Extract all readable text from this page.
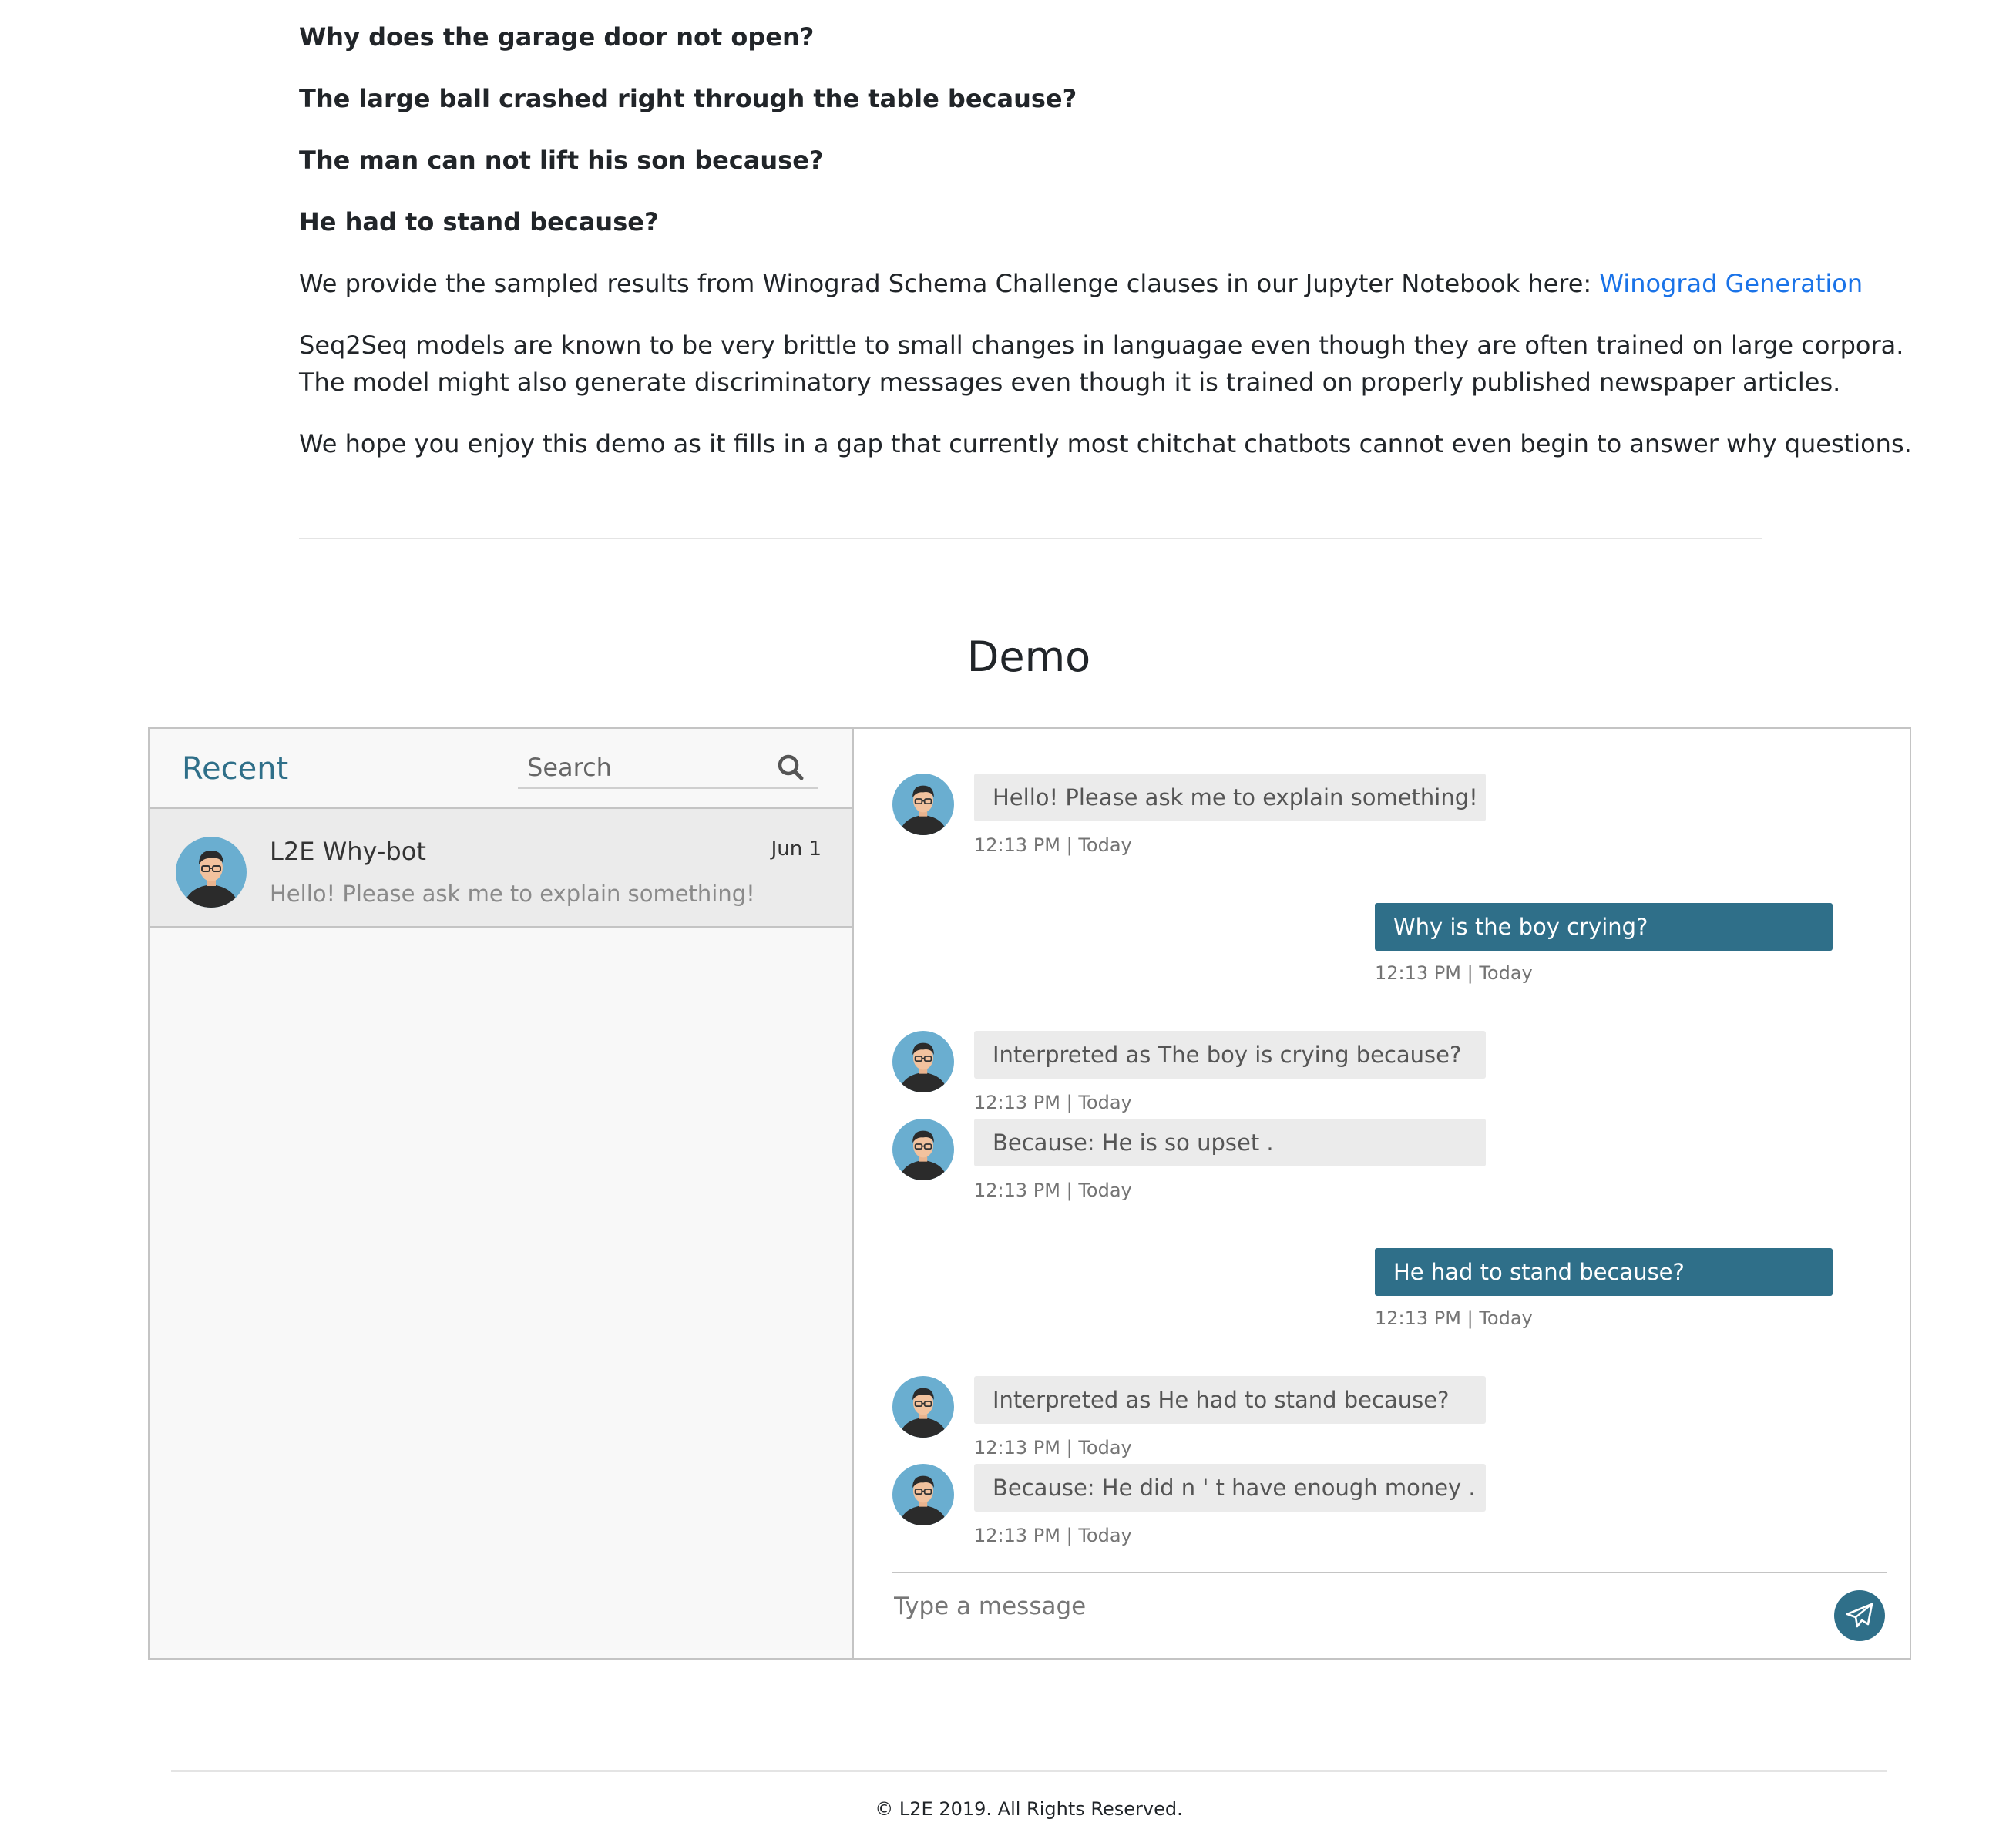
Why does the garage door not open?
The large ball crashed right through the table because?
The man can not lift his son because?
He had to stand because?
We provide the sampled results from Winograd Schema Challenge clauses in our Jupyter Notebook here: Winograd Generation
Seq2Seq models are known to be very brittle to small changes in languagae even though they are often trained on large corpora.
The model might also generate discriminatory messages even though it is trained on properly published newspaper articles.
We hope you enjoy this demo as it fills in a gap that currently most chitchat chatbots cannot even begin to answer why questions.
Demo
Recent
Search
L2E Why-bot	Jun 1
Hello! Please ask me to explain something!
Hello! Please ask me to explain something!
12:13 PM | Today
Why is the boy crying?
12:13 PM | Today
Interpreted as The boy is crying because?
12:13 PM | Today
Because: He is so upset .
12:13 PM | Today
He had to stand because?
12:13 PM | Today
Interpreted as He had to stand because?
12:13 PM | Today
Because: He did n ' t have enough money .
12:13 PM | Today
Type a message
© L2E 2019. All Rights Reserved.
